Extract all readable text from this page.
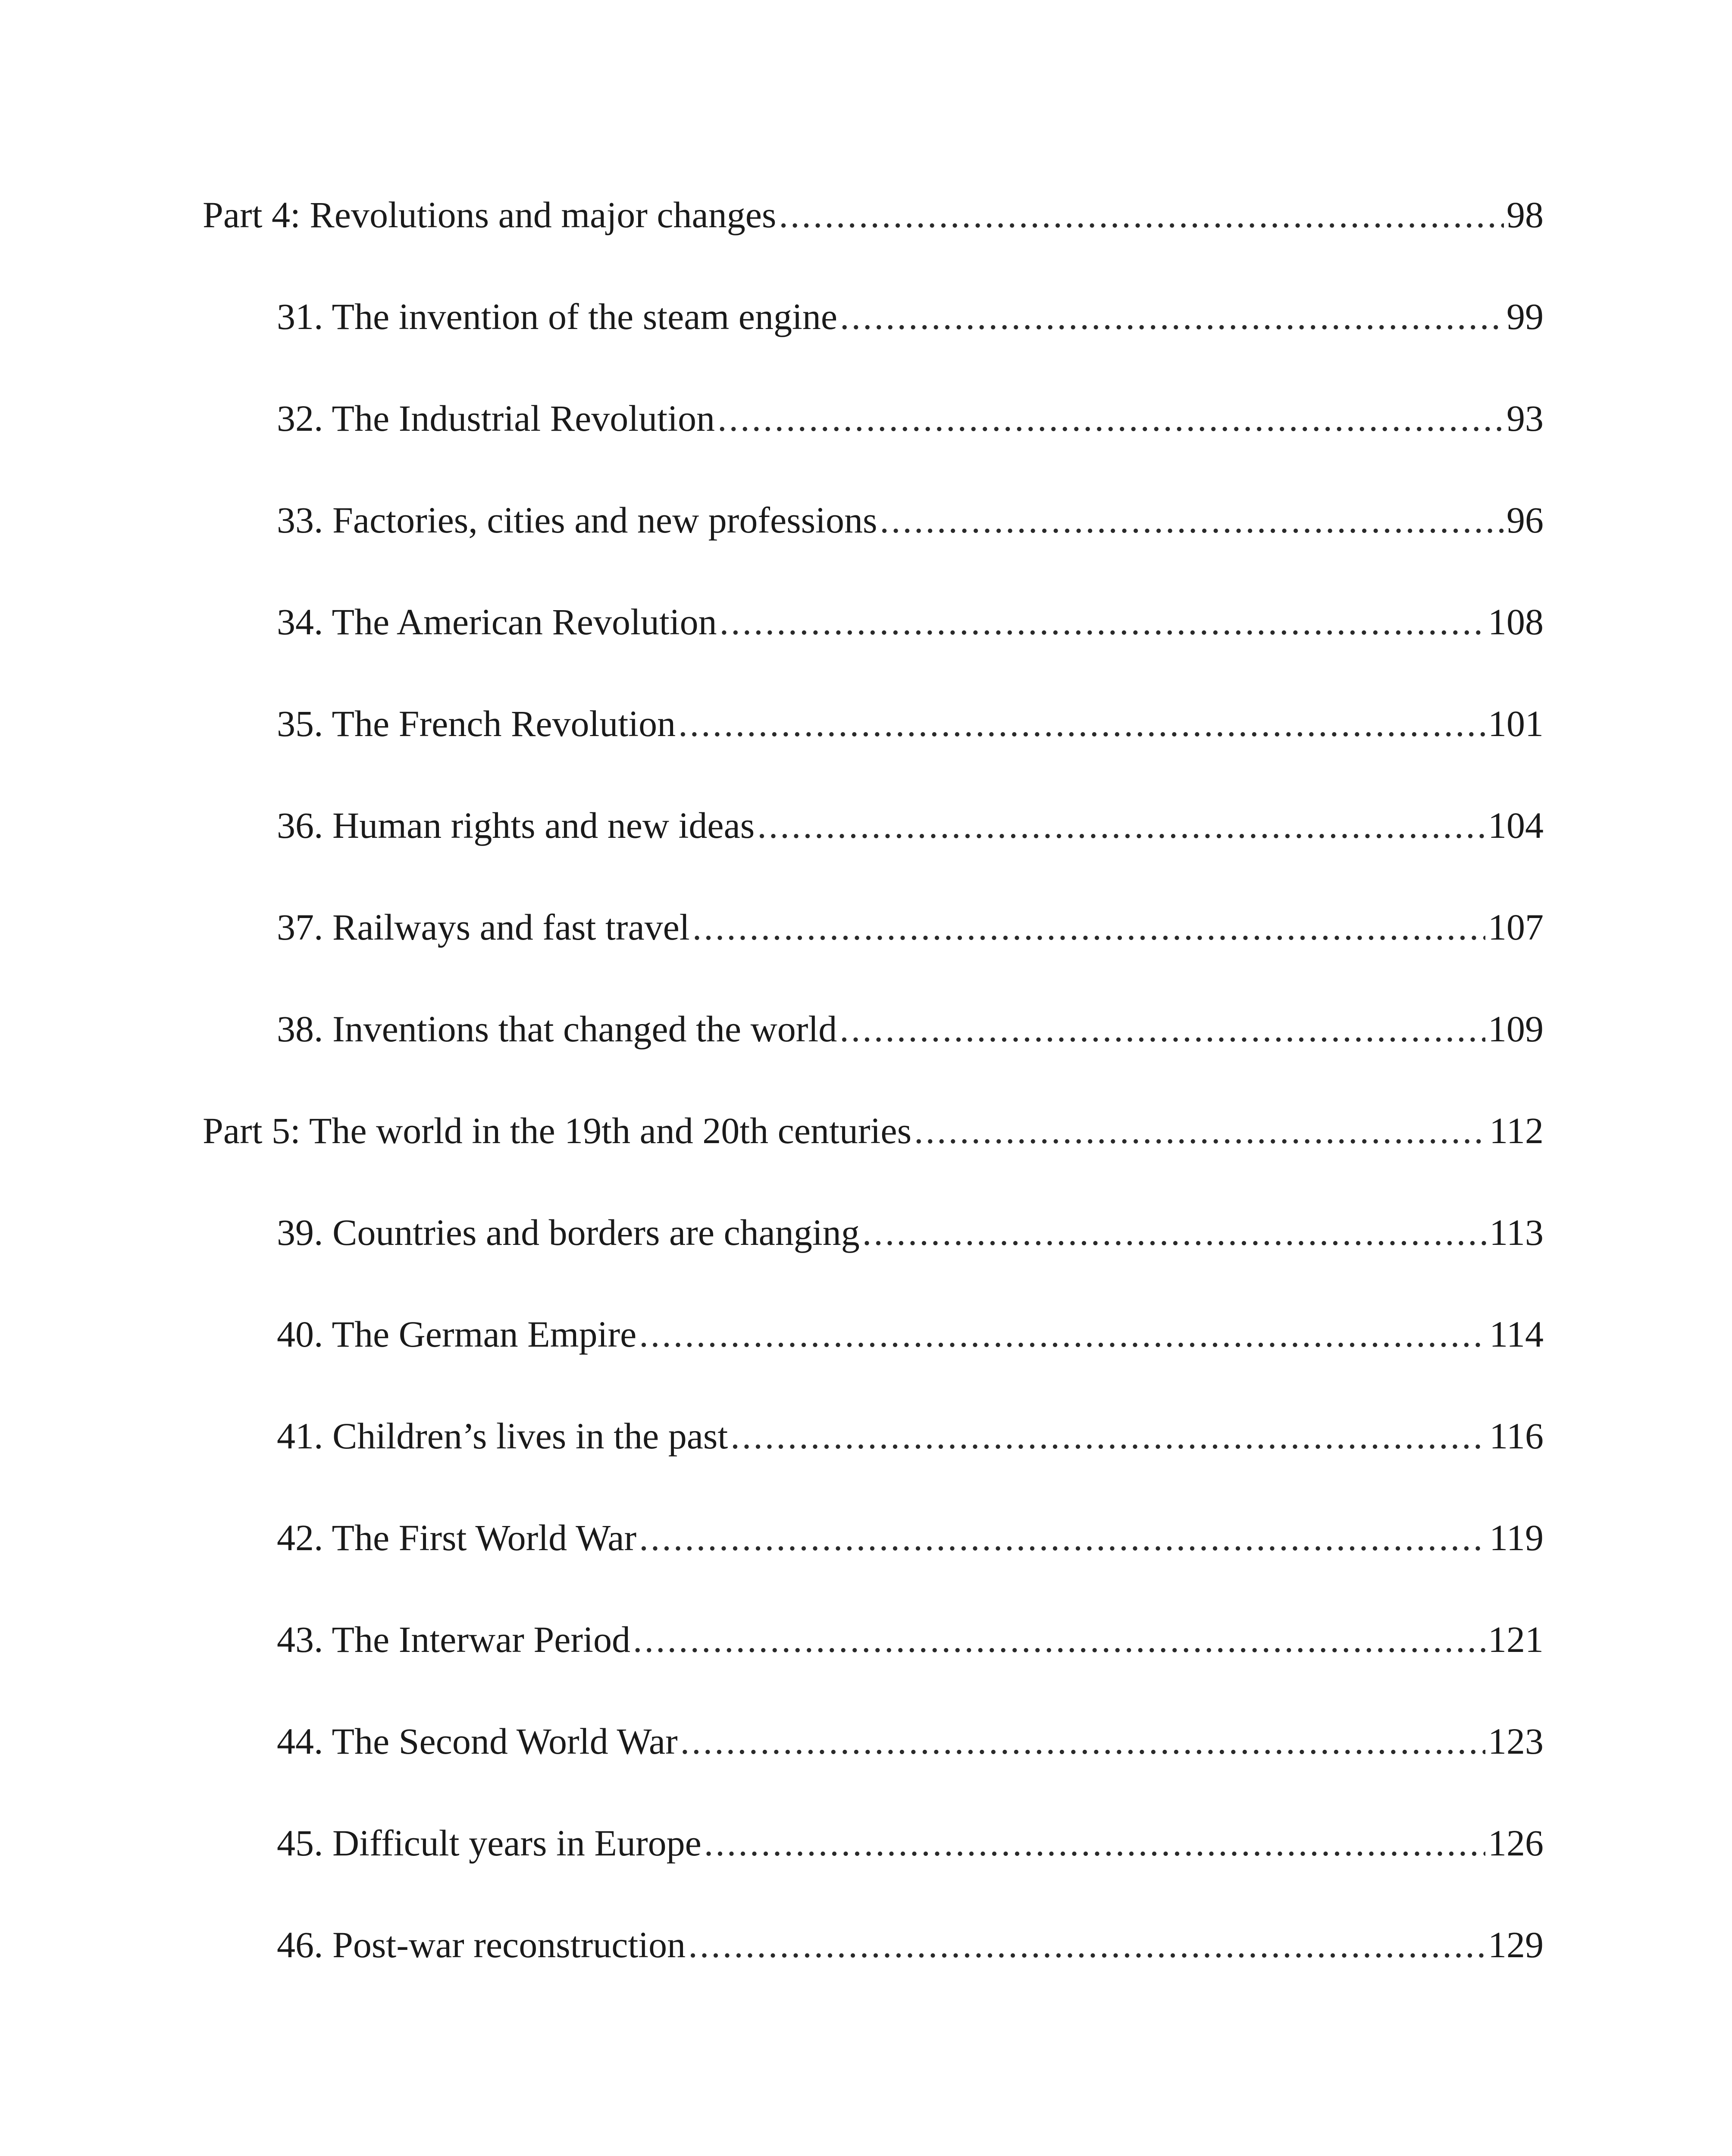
Part 4: Revolutions and major changes .....	98
31. The invention of the steam engine .....	99
32. The Industrial Revolution .....	93
33. Factories, cities and new professions .....	96
34. The American Revolution .....	108
35. The French Revolution .....	101
36. Human rights and new ideas .....	104
37. Railways and fast travel .....	107
38. Inventions that changed the world .....	109
Part 5: The world in the 19th and 20th centuries .....	112
39. Countries and borders are changing .....	113
40. The German Empire .....	114
41. Children’s lives in the past .....	116
42. The First World War .....	119
43. The Interwar Period .....	121
44. The Second World War .....	123
45. Difficult years in Europe .....	126
46. Post-war reconstruction .....	129
